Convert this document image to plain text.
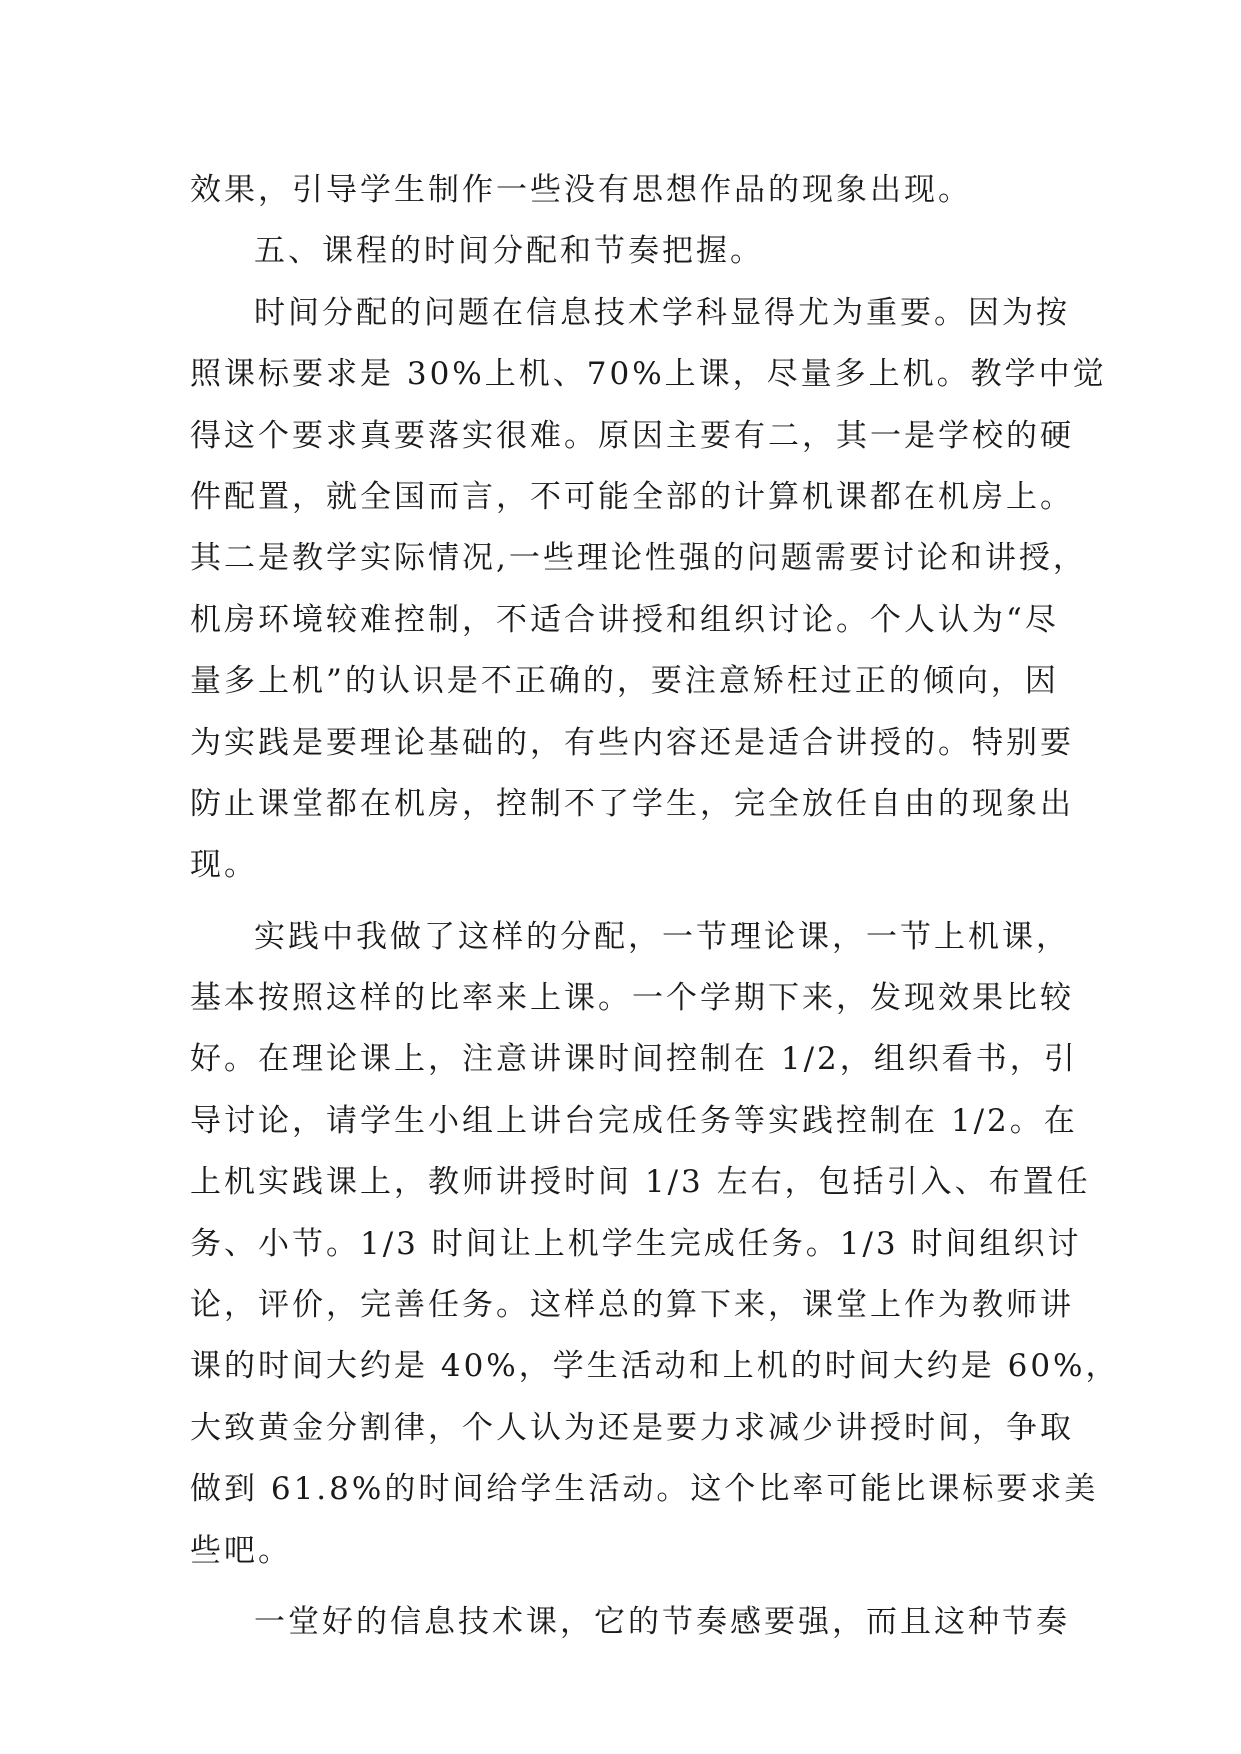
效果，引导学生制作一些没有思想作品的现象出现。

五、课程的时间分配和节奏把握。

时间分配的问题在信息技术学科显得尤为重要。因为按

照课标要求是 30%上机、70%上课，尽量多上机。教学中觉

得这个要求真要落实很难。原因主要有二，其一是学校的硬

件配置，就全国而言，不可能全部的计算机课都在机房上。

其二是教学实际情况,一些理论性强的问题需要讨论和讲授，

机房环境较难控制，不适合讲授和组织讨论。个人认为“尽

量多上机”的认识是不正确的，要注意矫枉过正的倾向，因

为实践是要理论基础的，有些内容还是适合讲授的。特别要

防止课堂都在机房，控制不了学生，完全放任自由的现象出

现。

实践中我做了这样的分配，一节理论课，一节上机课，

基本按照这样的比率来上课。一个学期下来，发现效果比较

好。在理论课上，注意讲课时间控制在 1/2，组织看书，引

导讨论，请学生小组上讲台完成任务等实践控制在 1/2。在

上机实践课上，教师讲授时间 1/3 左右，包括引入、布置任

务、小节。1/3 时间让上机学生完成任务。1/3 时间组织讨

论，评价，完善任务。这样总的算下来，课堂上作为教师讲

课的时间大约是 40%，学生活动和上机的时间大约是 60%，

大致黄金分割律，个人认为还是要力求减少讲授时间，争取

做到 61.8%的时间给学生活动。这个比率可能比课标要求美

些吧。

一堂好的信息技术课，它的节奏感要强，而且这种节奏
